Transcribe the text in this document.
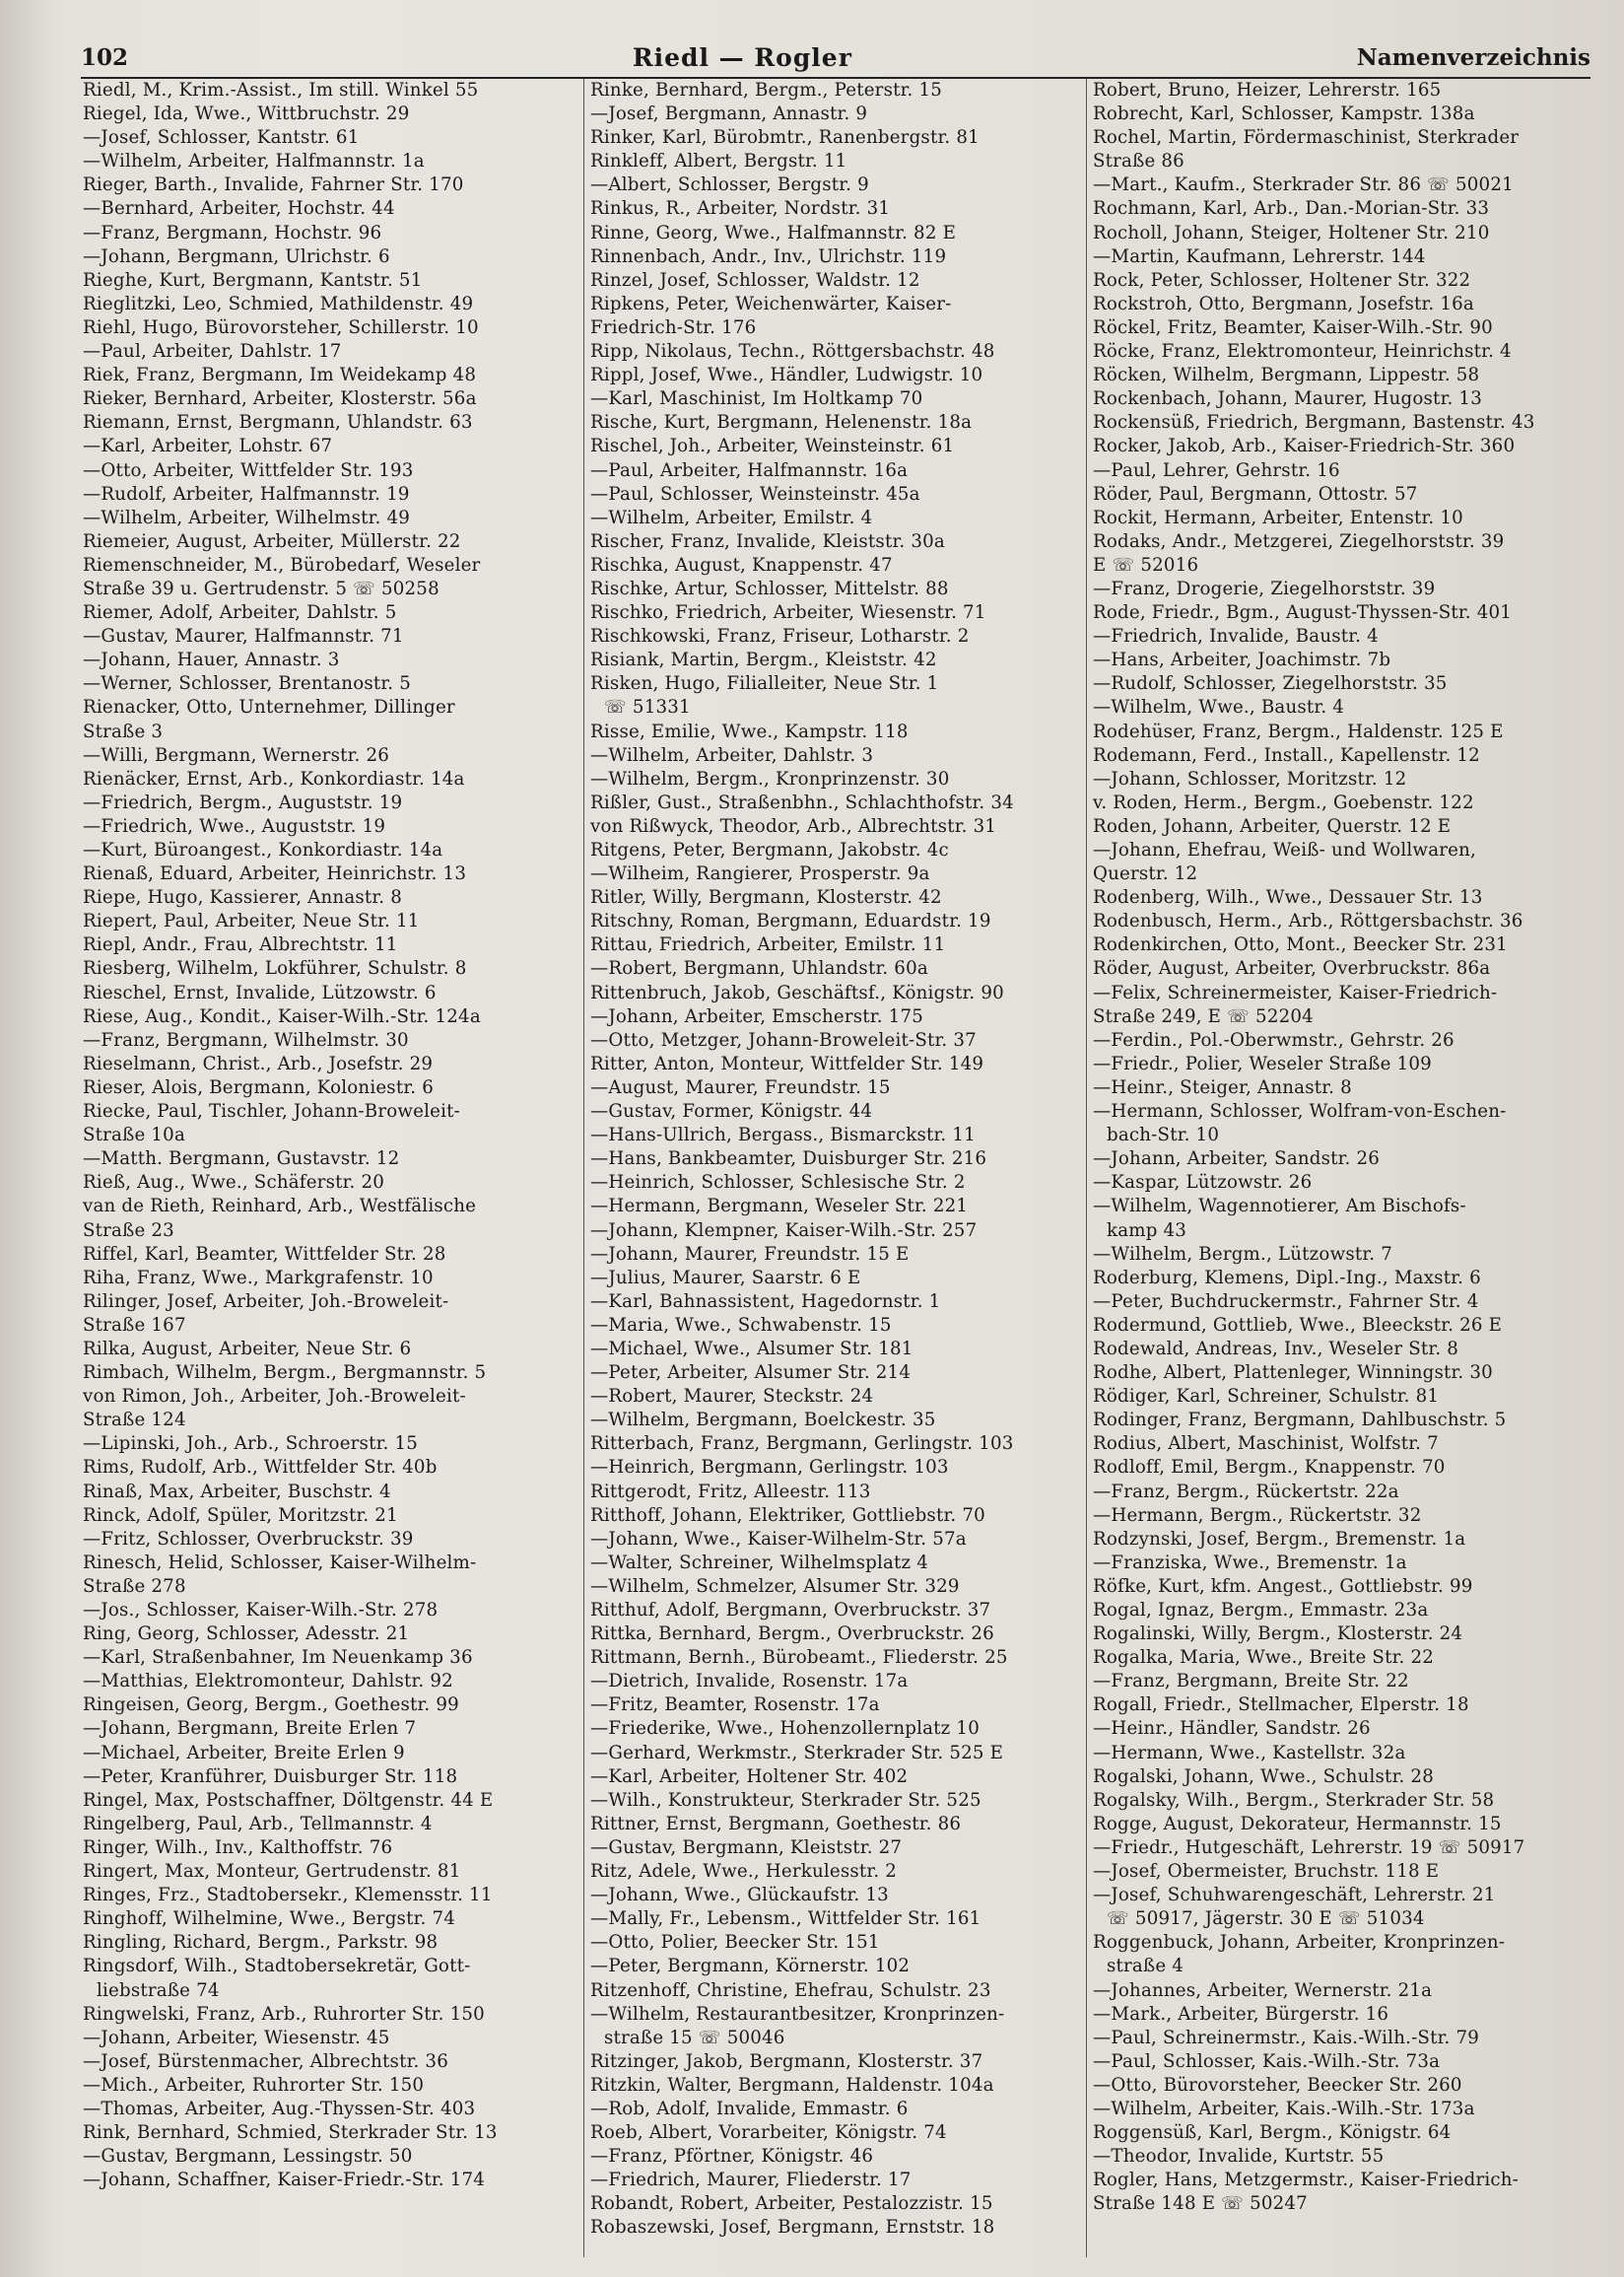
102	Riedl — Rogler	Namenverzeichnis
Riedl, M., Krim.-Assist., Im still. Winkel 55
Riegel, Ida, Wwe., Wittbruchstr. 29
—Josef, Schlosser, Kantstr. 61
—Wilhelm, Arbeiter, Halfmannstr. 1a
Rieger, Barth., Invalide, Fahrner Str. 170
—Bernhard, Arbeiter, Hochstr. 44
—Franz, Bergmann, Hochstr. 96
—Johann, Bergmann, Ulrichstr. 6
Rieghe, Kurt, Bergmann, Kantstr. 51
Rieglitzki, Leo, Schmied, Mathildenstr. 49
Riehl, Hugo, Bürovorsteher, Schillerstr. 10
—Paul, Arbeiter, Dahlstr. 17
Riek, Franz, Bergmann, Im Weidekamp 48
Rieker, Bernhard, Arbeiter, Klosterstr. 56a
Riemann, Ernst, Bergmann, Uhlandstr. 63
—Karl, Arbeiter, Lohstr. 67
—Otto, Arbeiter, Wittfelder Str. 193
—Rudolf, Arbeiter, Halfmannstr. 19
—Wilhelm, Arbeiter, Wilhelmstr. 49
Riemeier, August, Arbeiter, Müllerstr. 22
Riemenschneider, M., Bürobedarf, Weseler
Straße 39 u. Gertrudenstr. 5 ☏ 50258
Riemer, Adolf, Arbeiter, Dahlstr. 5
—Gustav, Maurer, Halfmannstr. 71
—Johann, Hauer, Annastr. 3
—Werner, Schlosser, Brentanostr. 5
Rienacker, Otto, Unternehmer, Dillinger
Straße 3
—Willi, Bergmann, Wernerstr. 26
Rienäcker, Ernst, Arb., Konkordiastr. 14a
—Friedrich, Bergm., Auguststr. 19
—Friedrich, Wwe., Auguststr. 19
—Kurt, Büroangest., Konkordiastr. 14a
Rienaß, Eduard, Arbeiter, Heinrichstr. 13
Riepe, Hugo, Kassierer, Annastr. 8
Riepert, Paul, Arbeiter, Neue Str. 11
Riepl, Andr., Frau, Albrechtstr. 11
Riesberg, Wilhelm, Lokführer, Schulstr. 8
Rieschel, Ernst, Invalide, Lützowstr. 6
Riese, Aug., Kondit., Kaiser-Wilh.-Str. 124a
—Franz, Bergmann, Wilhelmstr. 30
Rieselmann, Christ., Arb., Josefstr. 29
Rieser, Alois, Bergmann, Koloniestr. 6
Riecke, Paul, Tischler, Johann-Broweleit-
Straße 10a
—Matth. Bergmann, Gustavstr. 12
Rieß, Aug., Wwe., Schäferstr. 20
van de Rieth, Reinhard, Arb., Westfälische
Straße 23
Riffel, Karl, Beamter, Wittfelder Str. 28
Riha, Franz, Wwe., Markgrafenstr. 10
Rilinger, Josef, Arbeiter, Joh.-Broweleit-
Straße 167
Rilka, August, Arbeiter, Neue Str. 6
Rimbach, Wilhelm, Bergm., Bergmannstr. 5
von Rimon, Joh., Arbeiter, Joh.-Broweleit-
Straße 124
—Lipinski, Joh., Arb., Schroerstr. 15
Rims, Rudolf, Arb., Wittfelder Str. 40b
Rinaß, Max, Arbeiter, Buschstr. 4
Rinck, Adolf, Spüler, Moritzstr. 21
—Fritz, Schlosser, Overbruckstr. 39
Rinesch, Helid, Schlosser, Kaiser-Wilhelm-
Straße 278
—Jos., Schlosser, Kaiser-Wilh.-Str. 278
Ring, Georg, Schlosser, Adesstr. 21
—Karl, Straßenbahner, Im Neuenkamp 36
—Matthias, Elektromonteur, Dahlstr. 92
Ringeisen, Georg, Bergm., Goethestr. 99
—Johann, Bergmann, Breite Erlen 7
—Michael, Arbeiter, Breite Erlen 9
—Peter, Kranführer, Duisburger Str. 118
Ringel, Max, Postschaffner, Döltgenstr. 44 E
Ringelberg, Paul, Arb., Tellmannstr. 4
Ringer, Wilh., Inv., Kalthoffstr. 76
Ringert, Max, Monteur, Gertrudenstr. 81
Ringes, Frz., Stadtobersekr., Klemensstr. 11
Ringhoff, Wilhelmine, Wwe., Bergstr. 74
Ringling, Richard, Bergm., Parkstr. 98
Ringsdorf, Wilh., Stadtobersekretär, Gott-
liebstraße 74
Ringwelski, Franz, Arb., Ruhrorter Str. 150
—Johann, Arbeiter, Wiesenstr. 45
—Josef, Bürstenmacher, Albrechtstr. 36
—Mich., Arbeiter, Ruhrorter Str. 150
—Thomas, Arbeiter, Aug.-Thyssen-Str. 403
Rink, Bernhard, Schmied, Sterkrader Str. 13
—Gustav, Bergmann, Lessingstr. 50
—Johann, Schaffner, Kaiser-Friedr.-Str. 174
Rinke, Bernhard, Bergm., Peterstr. 15
—Josef, Bergmann, Annastr. 9
Rinker, Karl, Bürobmtr., Ranenbergstr. 81
Rinkleff, Albert, Bergstr. 11
—Albert, Schlosser, Bergstr. 9
Rinkus, R., Arbeiter, Nordstr. 31
Rinne, Georg, Wwe., Halfmannstr. 82 E
Rinnenbach, Andr., Inv., Ulrichstr. 119
Rinzel, Josef, Schlosser, Waldstr. 12
Ripkens, Peter, Weichenwärter, Kaiser-
Friedrich-Str. 176
Ripp, Nikolaus, Techn., Röttgersbachstr. 48
Rippl, Josef, Wwe., Händler, Ludwigstr. 10
—Karl, Maschinist, Im Holtkamp 70
Rische, Kurt, Bergmann, Helenenstr. 18a
Rischel, Joh., Arbeiter, Weinsteinstr. 61
—Paul, Arbeiter, Halfmannstr. 16a
—Paul, Schlosser, Weinsteinstr. 45a
—Wilhelm, Arbeiter, Emilstr. 4
Rischer, Franz, Invalide, Kleiststr. 30a
Rischka, August, Knappenstr. 47
Rischke, Artur, Schlosser, Mittelstr. 88
Rischko, Friedrich, Arbeiter, Wiesenstr. 71
Rischkowski, Franz, Friseur, Lotharstr. 2
Risiank, Martin, Bergm., Kleiststr. 42
Risken, Hugo, Filialleiter, Neue Str. 1
☏ 51331
Risse, Emilie, Wwe., Kampstr. 118
—Wilhelm, Arbeiter, Dahlstr. 3
—Wilhelm, Bergm., Kronprinzenstr. 30
Rißler, Gust., Straßenbhn., Schlachthofstr. 34
von Rißwyck, Theodor, Arb., Albrechtstr. 31
Ritgens, Peter, Bergmann, Jakobstr. 4c
—Wilheim, Rangierer, Prosperstr. 9a
Ritler, Willy, Bergmann, Klosterstr. 42
Ritschny, Roman, Bergmann, Eduardstr. 19
Rittau, Friedrich, Arbeiter, Emilstr. 11
—Robert, Bergmann, Uhlandstr. 60a
Rittenbruch, Jakob, Geschäftsf., Königstr. 90
—Johann, Arbeiter, Emscherstr. 175
—Otto, Metzger, Johann-Broweleit-Str. 37
Ritter, Anton, Monteur, Wittfelder Str. 149
—August, Maurer, Freundstr. 15
—Gustav, Former, Königstr. 44
—Hans-Ullrich, Bergass., Bismarckstr. 11
—Hans, Bankbeamter, Duisburger Str. 216
—Heinrich, Schlosser, Schlesische Str. 2
—Hermann, Bergmann, Weseler Str. 221
—Johann, Klempner, Kaiser-Wilh.-Str. 257
—Johann, Maurer, Freundstr. 15 E
—Julius, Maurer, Saarstr. 6 E
—Karl, Bahnassistent, Hagedornstr. 1
—Maria, Wwe., Schwabenstr. 15
—Michael, Wwe., Alsumer Str. 181
—Peter, Arbeiter, Alsumer Str. 214
—Robert, Maurer, Steckstr. 24
—Wilhelm, Bergmann, Boelckestr. 35
Ritterbach, Franz, Bergmann, Gerlingstr. 103
—Heinrich, Bergmann, Gerlingstr. 103
Rittgerodt, Fritz, Alleestr. 113
Ritthoff, Johann, Elektriker, Gottliebstr. 70
—Johann, Wwe., Kaiser-Wilhelm-Str. 57a
—Walter, Schreiner, Wilhelmsplatz 4
—Wilhelm, Schmelzer, Alsumer Str. 329
Ritthuf, Adolf, Bergmann, Overbruckstr. 37
Rittka, Bernhard, Bergm., Overbruckstr. 26
Rittmann, Bernh., Bürobeamt., Fliederstr. 25
—Dietrich, Invalide, Rosenstr. 17a
—Fritz, Beamter, Rosenstr. 17a
—Friederike, Wwe., Hohenzollernplatz 10
—Gerhard, Werkmstr., Sterkrader Str. 525 E
—Karl, Arbeiter, Holtener Str. 402
—Wilh., Konstrukteur, Sterkrader Str. 525
Rittner, Ernst, Bergmann, Goethestr. 86
—Gustav, Bergmann, Kleiststr. 27
Ritz, Adele, Wwe., Herkulesstr. 2
—Johann, Wwe., Glückaufstr. 13
—Mally, Fr., Lebensm., Wittfelder Str. 161
—Otto, Polier, Beecker Str. 151
—Peter, Bergmann, Körnerstr. 102
Ritzenhoff, Christine, Ehefrau, Schulstr. 23
—Wilhelm, Restaurantbesitzer, Kronprinzen-
straße 15 ☏ 50046
Ritzinger, Jakob, Bergmann, Klosterstr. 37
Ritzkin, Walter, Bergmann, Haldenstr. 104a
—Rob, Adolf, Invalide, Emmastr. 6
Roeb, Albert, Vorarbeiter, Königstr. 74
—Franz, Pförtner, Königstr. 46
—Friedrich, Maurer, Fliederstr. 17
Robandt, Robert, Arbeiter, Pestalozzistr. 15
Robaszewski, Josef, Bergmann, Ernststr. 18
Robert, Bruno, Heizer, Lehrerstr. 165
Robrecht, Karl, Schlosser, Kampstr. 138a
Rochel, Martin, Fördermaschinist, Sterkrader
Straße 86
—Mart., Kaufm., Sterkrader Str. 86 ☏ 50021
Rochmann, Karl, Arb., Dan.-Morian-Str. 33
Rocholl, Johann, Steiger, Holtener Str. 210
—Martin, Kaufmann, Lehrerstr. 144
Rock, Peter, Schlosser, Holtener Str. 322
Rockstroh, Otto, Bergmann, Josefstr. 16a
Röckel, Fritz, Beamter, Kaiser-Wilh.-Str. 90
Röcke, Franz, Elektromonteur, Heinrichstr. 4
Röcken, Wilhelm, Bergmann, Lippestr. 58
Rockenbach, Johann, Maurer, Hugostr. 13
Rockensüß, Friedrich, Bergmann, Bastenstr. 43
Rocker, Jakob, Arb., Kaiser-Friedrich-Str. 360
—Paul, Lehrer, Gehrstr. 16
Röder, Paul, Bergmann, Ottostr. 57
Rockit, Hermann, Arbeiter, Entenstr. 10
Rodaks, Andr., Metzgerei, Ziegelhorststr. 39
E ☏ 52016
—Franz, Drogerie, Ziegelhorststr. 39
Rode, Friedr., Bgm., August-Thyssen-Str. 401
—Friedrich, Invalide, Baustr. 4
—Hans, Arbeiter, Joachimstr. 7b
—Rudolf, Schlosser, Ziegelhorststr. 35
—Wilhelm, Wwe., Baustr. 4
Rodehüser, Franz, Bergm., Haldenstr. 125 E
Rodemann, Ferd., Install., Kapellenstr. 12
—Johann, Schlosser, Moritzstr. 12
v. Roden, Herm., Bergm., Goebenstr. 122
Roden, Johann, Arbeiter, Querstr. 12 E
—Johann, Ehefrau, Weiß- und Wollwaren,
Querstr. 12
Rodenberg, Wilh., Wwe., Dessauer Str. 13
Rodenbusch, Herm., Arb., Röttgersbachstr. 36
Rodenkirchen, Otto, Mont., Beecker Str. 231
Röder, August, Arbeiter, Overbruckstr. 86a
—Felix, Schreinermeister, Kaiser-Friedrich-
Straße 249, E ☏ 52204
—Ferdin., Pol.-Oberwmstr., Gehrstr. 26
—Friedr., Polier, Weseler Straße 109
—Heinr., Steiger, Annastr. 8
—Hermann, Schlosser, Wolfram-von-Eschen-
bach-Str. 10
—Johann, Arbeiter, Sandstr. 26
—Kaspar, Lützowstr. 26
—Wilhelm, Wagennotierer, Am Bischofs-
kamp 43
—Wilhelm, Bergm., Lützowstr. 7
Roderburg, Klemens, Dipl.-Ing., Maxstr. 6
—Peter, Buchdruckermstr., Fahrner Str. 4
Rodermund, Gottlieb, Wwe., Bleeckstr. 26 E
Rodewald, Andreas, Inv., Weseler Str. 8
Rodhe, Albert, Plattenleger, Winningstr. 30
Rödiger, Karl, Schreiner, Schulstr. 81
Rodinger, Franz, Bergmann, Dahlbuschstr. 5
Rodius, Albert, Maschinist, Wolfstr. 7
Rodloff, Emil, Bergm., Knappenstr. 70
—Franz, Bergm., Rückertstr. 22a
—Hermann, Bergm., Rückertstr. 32
Rodzynski, Josef, Bergm., Bremenstr. 1a
—Franziska, Wwe., Bremenstr. 1a
Röfke, Kurt, kfm. Angest., Gottliebstr. 99
Rogal, Ignaz, Bergm., Emmastr. 23a
Rogalinski, Willy, Bergm., Klosterstr. 24
Rogalka, Maria, Wwe., Breite Str. 22
—Franz, Bergmann, Breite Str. 22
Rogall, Friedr., Stellmacher, Elperstr. 18
—Heinr., Händler, Sandstr. 26
—Hermann, Wwe., Kastellstr. 32a
Rogalski, Johann, Wwe., Schulstr. 28
Rogalsky, Wilh., Bergm., Sterkrader Str. 58
Rogge, August, Dekorateur, Hermannstr. 15
—Friedr., Hutgeschäft, Lehrerstr. 19 ☏ 50917
—Josef, Obermeister, Bruchstr. 118 E
—Josef, Schuhwarengeschäft, Lehrerstr. 21
☏ 50917, Jägerstr. 30 E ☏ 51034
Roggenbuck, Johann, Arbeiter, Kronprinzen-
straße 4
—Johannes, Arbeiter, Wernerstr. 21a
—Mark., Arbeiter, Bürgerstr. 16
—Paul, Schreinermstr., Kais.-Wilh.-Str. 79
—Paul, Schlosser, Kais.-Wilh.-Str. 73a
—Otto, Bürovorsteher, Beecker Str. 260
—Wilhelm, Arbeiter, Kais.-Wilh.-Str. 173a
Roggensüß, Karl, Bergm., Königstr. 64
—Theodor, Invalide, Kurtstr. 55
Rogler, Hans, Metzgermstr., Kaiser-Friedrich-
Straße 148 E ☏ 50247
